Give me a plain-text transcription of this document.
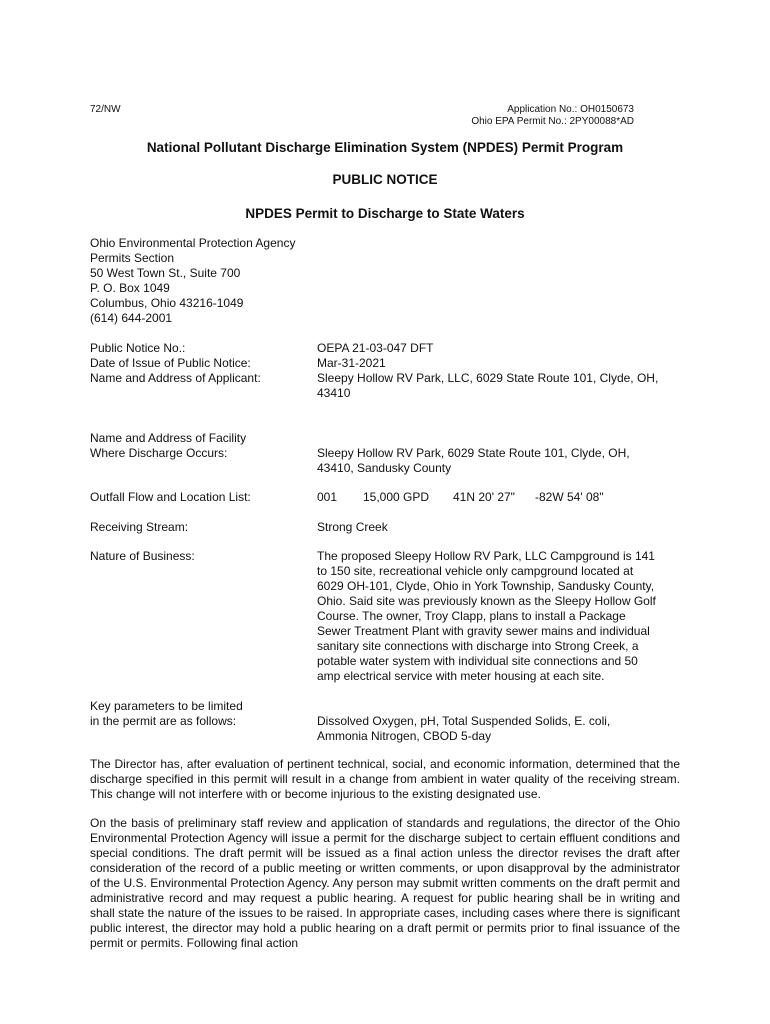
72/NW	Application No.: OH0150673
Ohio EPA Permit No.: 2PY00088*AD
National Pollutant Discharge Elimination System (NPDES) Permit Program
PUBLIC NOTICE
NPDES Permit to Discharge to State Waters
Ohio Environmental Protection Agency
Permits Section
50 West Town St., Suite 700
P. O. Box 1049
Columbus, Ohio 43216-1049
(614) 644-2001
Public Notice No.:	OEPA 21-03-047 DFT
Date of Issue of Public Notice:	Mar-31-2021
Name and Address of Applicant:	Sleepy Hollow RV Park, LLC, 6029 State Route 101, Clyde, OH,
43410
Name and Address of Facility
Where Discharge Occurs:	Sleepy Hollow RV Park, 6029 State Route 101, Clyde, OH,
43410, Sandusky County
Outfall Flow and Location List:	001 15,000 GPD 41N 20' 27" -82W 54' 08"
Receiving Stream:	Strong Creek
Nature of Business:	The proposed Sleepy Hollow RV Park, LLC Campground is 141
to 150 site, recreational vehicle only campground located at
6029 OH-101, Clyde, Ohio in York Township, Sandusky County,
Ohio. Said site was previously known as the Sleepy Hollow Golf
Course. The owner, Troy Clapp, plans to install a Package
Sewer Treatment Plant with gravity sewer mains and individual
sanitary site connections with discharge into Strong Creek, a
potable water system with individual site connections and 50
amp electrical service with meter housing at each site.
Key parameters to be limited
in the permit are as follows:	Dissolved Oxygen, pH, Total Suspended Solids, E. coli,
Ammonia Nitrogen, CBOD 5-day
The Director has, after evaluation of pertinent technical, social, and economic information, determined that the discharge specified in this permit will result in a change from ambient in water quality of the receiving stream. This change will not interfere with or become injurious to the existing designated use.
On the basis of preliminary staff review and application of standards and regulations, the director of the Ohio Environmental Protection Agency will issue a permit for the discharge subject to certain effluent conditions and special conditions. The draft permit will be issued as a final action unless the director revises the draft after consideration of the record of a public meeting or written comments, or upon disapproval by the administrator of the U.S. Environmental Protection Agency. Any person may submit written comments on the draft permit and administrative record and may request a public hearing. A request for public hearing shall be in writing and shall state the nature of the issues to be raised. In appropriate cases, including cases where there is significant public interest, the director may hold a public hearing on a draft permit or permits prior to final issuance of the permit or permits. Following final action
